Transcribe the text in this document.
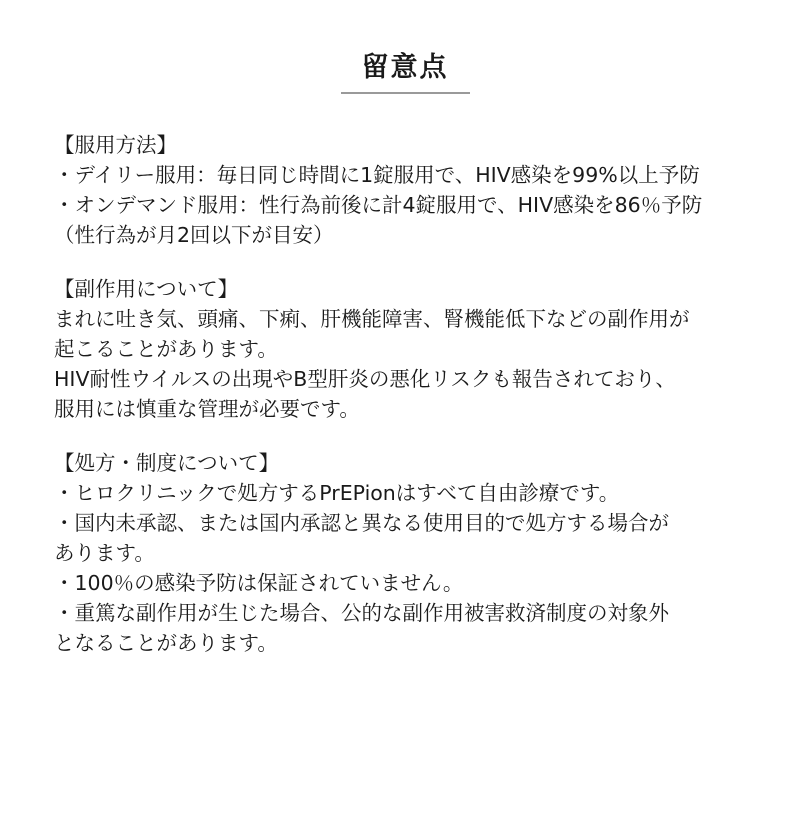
留意点
【服用方法】
・デイリー服用：毎日同じ時間に1錠服用で、HIV感染を99%以上予防
・オンデマンド服用：性行為前後に計4錠服用で、HIV感染を86％予防
（性行為が月2回以下が目安）
【副作用について】
まれに吐き気、頭痛、下痢、肝機能障害、腎機能低下などの副作用が
起こることがあります。
HIV耐性ウイルスの出現やB型肝炎の悪化リスクも報告されており、
服用には慎重な管理が必要です。
【処方・制度について】
・ヒロクリニックで処方するPrEPionはすべて自由診療です。
・国内未承認、または国内承認と異なる使用目的で処方する場合が
あります。
・100％の感染予防は保証されていません。
・重篤な副作用が生じた場合、公的な副作用被害救済制度の対象外
となることがあります。
